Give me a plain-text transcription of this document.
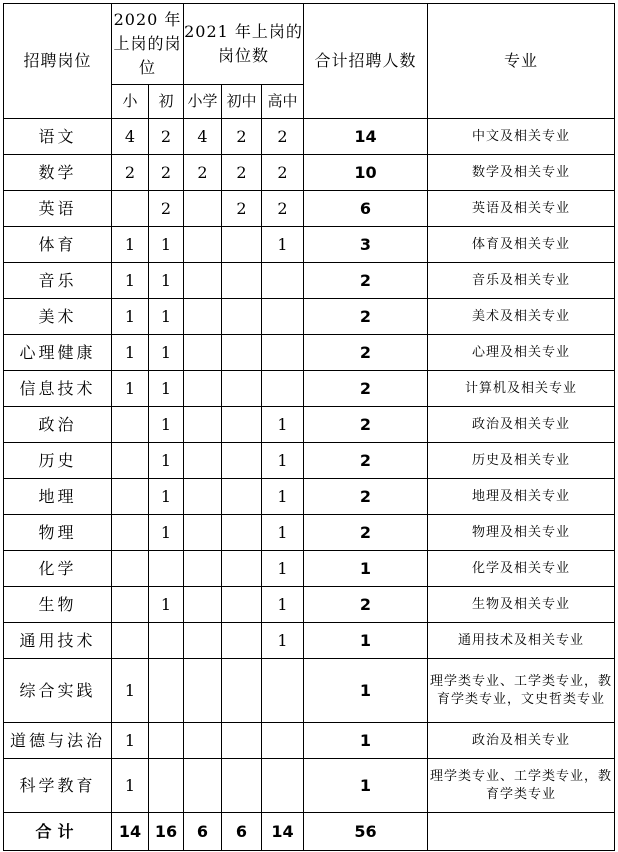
招聘岗位	2020 年上岗的岗位		2021 年上岗的岗位数			合计招聘人数	专业
	小	初	小学	初中	高中		
语文	4	2	4	2	2	14	中文及相关专业
数学	2	2	2	2	2	10	数学及相关专业
英语		2		2	2	6	英语及相关专业
体育	1	1			1	3	体育及相关专业
音乐	1	1				2	音乐及相关专业
美术	1	1				2	美术及相关专业
心理健康	1	1				2	心理及相关专业
信息技术	1	1				2	计算机及相关专业
政治		1			1	2	政治及相关专业
历史		1			1	2	历史及相关专业
地理		1			1	2	地理及相关专业
物理		1			1	2	物理及相关专业
化学					1	1	化学及相关专业
生物		1			1	2	生物及相关专业
通用技术					1	1	通用技术及相关专业
综合实践	1					1	理学类专业、工学类专业，教育学类专业，文史哲类专业
道德与法治	1					1	政治及相关专业
科学教育	1					1	理学类专业、工学类专业，教育学类专业
合计	14	16	6	6	14	56	
